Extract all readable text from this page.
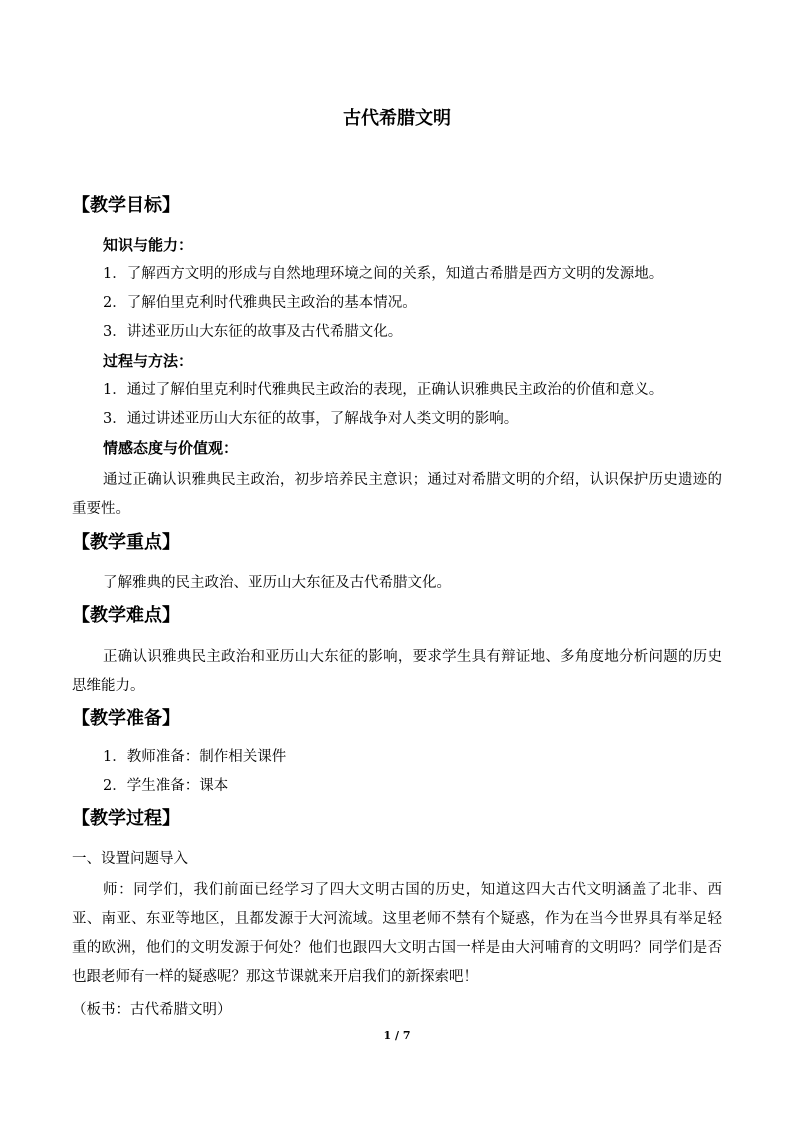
古代希腊文明
【教学目标】
知识与能力：

1．了解西方文明的形成与自然地理环境之间的关系，知道古希腊是西方文明的发源地。

2．了解伯里克利时代雅典民主政治的基本情况。

3．讲述亚历山大东征的故事及古代希腊文化。

过程与方法：

1．通过了解伯里克利时代雅典民主政治的表现，正确认识雅典民主政治的价值和意义。

3．通过讲述亚历山大东征的故事，了解战争对人类文明的影响。

情感态度与价值观：

通过正确认识雅典民主政治，初步培养民主意识；通过对希腊文明的介绍，认识保护历史遗迹的重要性。

【教学重点】

了解雅典的民主政治、亚历山大东征及古代希腊文化。

【教学难点】

正确认识雅典民主政治和亚历山大东征的影响，要求学生具有辩证地、多角度地分析问题的历史思维能力。

【教学准备】

1．教师准备：制作相关课件

2．学生准备：课本

【教学过程】

一、设置问题导入

师：同学们，我们前面已经学习了四大文明古国的历史，知道这四大古代文明涵盖了北非、西亚、南亚、东亚等地区，且都发源于大河流域。这里老师不禁有个疑惑，作为在当今世界具有举足轻重的欧洲，他们的文明发源于何处？他们也跟四大文明古国一样是由大河哺育的文明吗？同学们是否也跟老师有一样的疑惑呢？那这节课就来开启我们的新探索吧！

（板书：古代希腊文明）

1 / 7
